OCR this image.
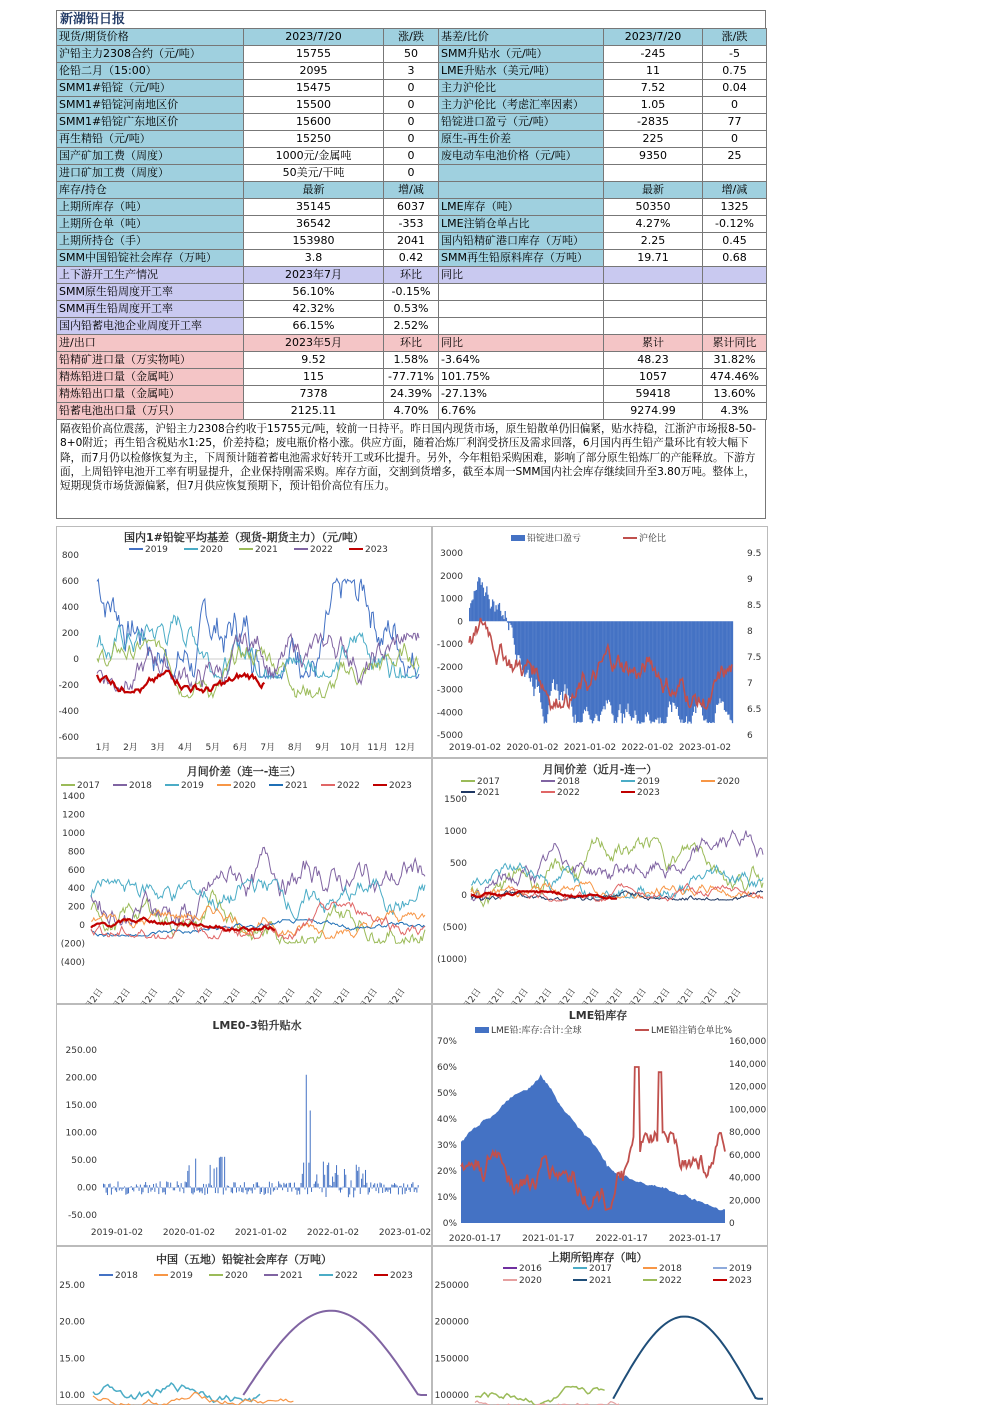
新湖铅日报
现货/期货价格	2023/7/20	涨/跌	基差/比价	2023/7/20	涨/跌
沪铅主力2308合约（元/吨）	15755	50	SMM升贴水（元/吨）	-245	-5
伦铅二月（15:00）	2095	3	LME升贴水（美元/吨）	11	0.75
SMM1#铅锭（元/吨）	15475	0	主力沪伦比	7.52	0.04
SMM1#铅锭河南地区价	15500	0	主力沪伦比（考虑汇率因素）	1.05	0
SMM1#铅锭广东地区价	15600	0	铅锭进口盈亏（元/吨）	-2835	77
再生精铅（元/吨）	15250	0	原生-再生价差	225	0
国产矿加工费（周度）	1000元/金属吨	0	废电动车电池价格（元/吨）	9350	25
进口矿加工费（周度）	50美元/干吨	0			
库存/持仓	最新	增/减		最新	增/减
上期所库存（吨）	35145	6037	LME库存（吨）	50350	1325
上期所仓单（吨）	36542	-353	LME注销仓单占比	4.27%	-0.12%
上期所持仓（手）	153980	2041	国内铅精矿港口库存（万吨）	2.25	0.45
SMM中国铅锭社会库存（万吨）	3.8	0.42	SMM再生铅原料库存（万吨）	19.71	0.68
上下游开工生产情况	2023年7月	环比	同比		
SMM原生铅周度开工率	56.10%	-0.15%			
SMM再生铅周度开工率	42.32%	0.53%			
国内铅蓄电池企业周度开工率	66.15%	2.52%			
进/出口	2023年5月	环比	同比	累计	累计同比
铅精矿进口量（万实物吨）	9.52	1.58%	-3.64%	48.23	31.82%
精炼铅进口量（金属吨）	115	-77.71%	101.75%	1057	474.46%
精炼铅出口量（金属吨）	7378	24.39%	-27.13%	59418	13.60%
铅蓄电池出口量（万只）	2125.11	4.70%	6.76%	9274.99	4.3%
隔夜铅价高位震荡，沪铅主力2308合约收于15755元/吨，较前一日持平。昨日国内现货市场，原生铅散单仍旧偏紧，贴水持稳，江浙沪市场报8-50-8+0附近；再生铅含税贴水1:25，价差持稳；废电瓶价格小涨。供应方面，随着冶炼厂利润受挤压及需求回落，6月国内再生铅产量环比有较大幅下降，而7月仍以检修恢复为主，下周预计随着蓄电池需求好转开工或环比提升。另外，今年粗铅采购困难，影响了部分原生铅炼厂的产能释放。下游方面，上周铅锌电池开工率有明显提升，企业保持刚需采购。库存方面，交割到货增多，截至本周一SMM国内社会库存继续回升至3.80万吨。整体上，短期现货市场货源偏紧，但7月供应恢复预期下，预计铅价高位有压力。
国内1#铅锭平均基差（现货-期货主力）（元/吨）
2019	2020	2021	2022	2023
800
600
400
200
0
-200
-400
-600
1月 2月 3月 4月 5月 6月 7月 8月 9月 10月 11月 12月
铅锭进口盈亏	沪伦比
3000
2000
1000
0
-1000
-2000
-3000
-4000
-5000
9.5
9
8.5
8
7.5
7
6.5
6
2019-01-02 2020-01-02 2021-01-02 2022-01-02 2023-01-02
月间价差（连一-连三）
2017	2018	2019	2020	2021	2022	2023
1400
1200
1000
800
600
400
200
0
(200)
(400)
1月2日 2月2日 3月2日 4月2日 5月2日 6月2日 7月2日 8月2日 9月2日 10月2日 11月2日 12月2日
月间价差（近月-连一）
2017	2018	2019	2020
2021	2022	2023
1500
1000
500
0
(500)
(1000)
1月2日
2月2日
3月2日
4月2日
5月2日
6月2日
7月2日
8月2日
9月2日
10月2日
11月2日
12月2日
LME0-3铅升贴水
250.00
200.00
150.00
100.00
50.00
0.00
-50.00
2019-01-02 2020-01-02 2021-01-02 2022-01-02 2023-01-02
LME铅库存
LME铅:库存:合计:全球	LME铅注销仓单比%
70%
60%
50%
40%
30%
20%
10%
0%
160,000
140,000
120,000
100,000
80,000
60,000
40,000
20,000
0
2020-01-17 2021-01-17 2022-01-17 2023-01-17
中国（五地）铅锭社会库存（万吨）
2018	2019	2020	2021	2022	2023
25.00
20.00
15.00
10.00
上期所铅库存（吨）
2016	2017	2018	2019
2020	2021	2022	2023
250000
200000
150000
100000
